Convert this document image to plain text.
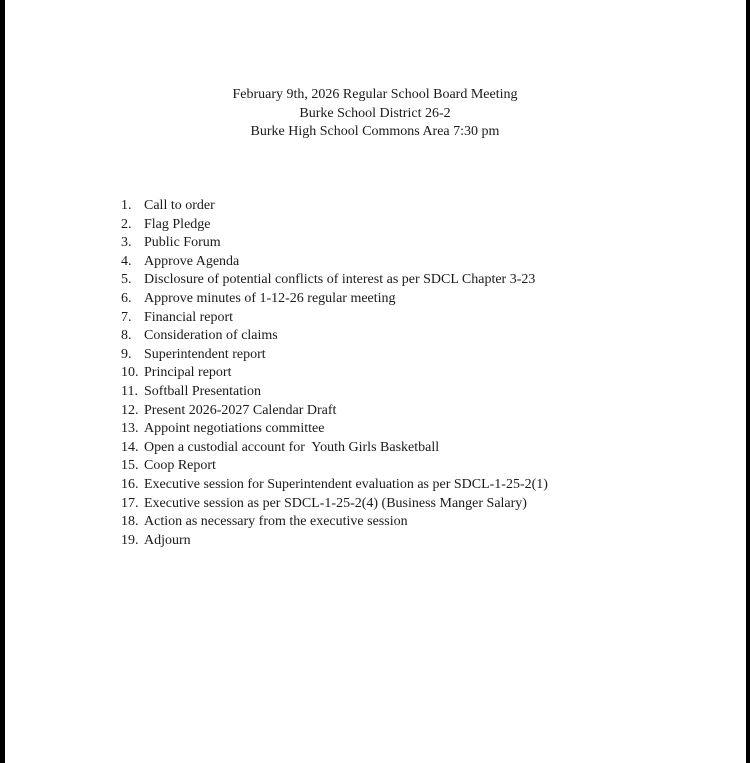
February 9th, 2026 Regular School Board Meeting
Burke School District 26-2
Burke High School Commons Area 7:30 pm
1. Call to order
2. Flag Pledge
3. Public Forum
4. Approve Agenda
5. Disclosure of potential conflicts of interest as per SDCL Chapter 3-23
6. Approve minutes of 1-12-26 regular meeting
7. Financial report
8. Consideration of claims
9. Superintendent report
10. Principal report
11. Softball Presentation
12. Present 2026-2027 Calendar Draft
13. Appoint negotiations committee
14. Open a custodial account for  Youth Girls Basketball
15. Coop Report
16. Executive session for Superintendent evaluation as per SDCL-1-25-2(1)
17. Executive session as per SDCL-1-25-2(4) (Business Manger Salary)
18. Action as necessary from the executive session
19. Adjourn
